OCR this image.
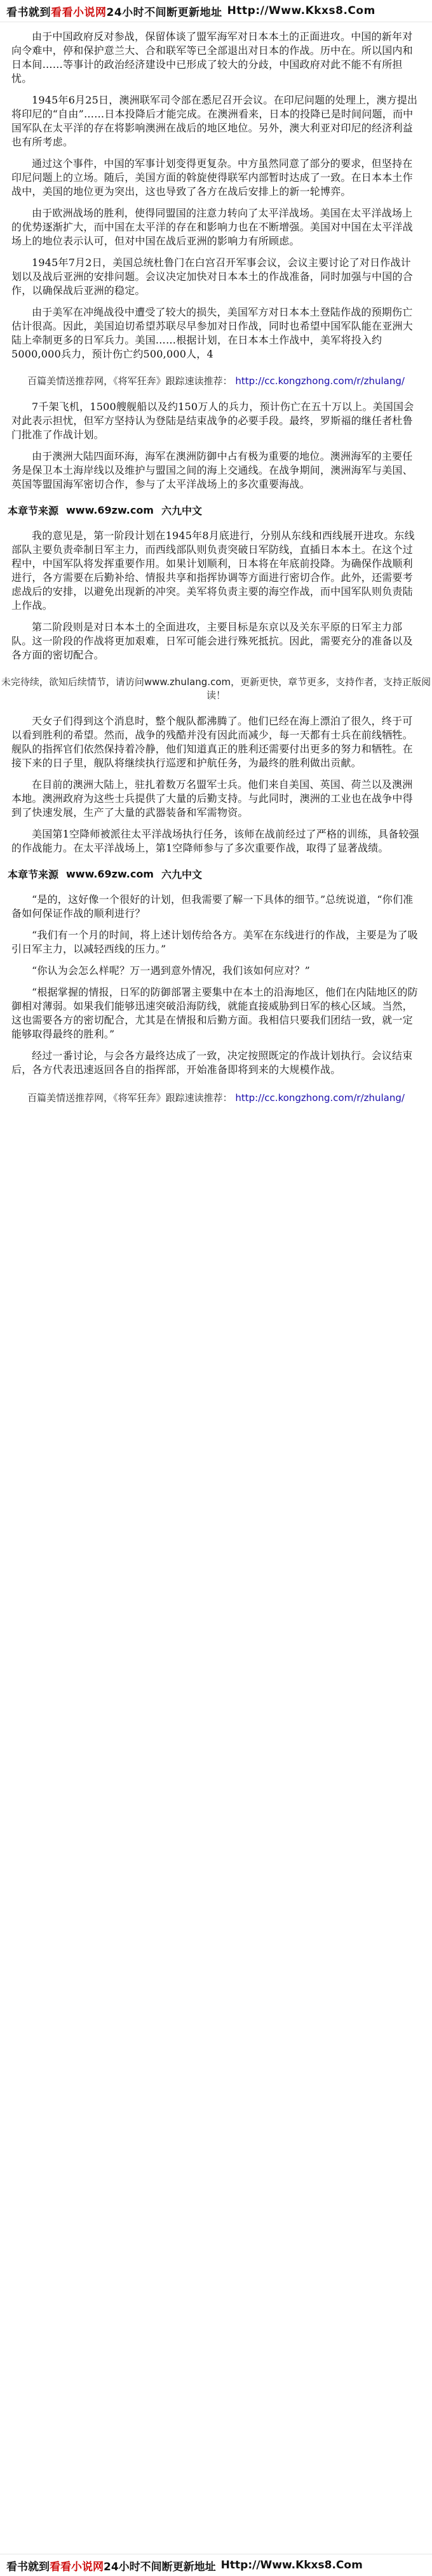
看书就到 看看小说网 24小时不间断更新地址 Http://Www.Kkxs8.Com

由于中国政府反对参战，保留体谈了盟军海军对日本本土的正面进攻。中国的新年对向令难中，停和保护意兰大、合和联军等已全部退出对日本的作战。历中在。所以国内和日本间……等事计的政治经济建设中已形成了较大的分歧，中国政府对此不能不有所担忧。

1945年6月25日，澳洲联军司令部在悉尼召开会议。在印尼问题的处理上，澳方提出将印尼的“自由”……日本投降后才能完成。在澳洲看来，日本的投降已是时间问题，而中国军队在太平洋的存在将影响澳洲在战后的地区地位。另外，澳大利亚对印尼的经济利益也有所考虑。

通过这个事件，中国的军事计划变得更复杂。中方虽然同意了部分的要求，但坚持在印尼问题上的立场。随后，美国方面的斡旋使得联军内部暂时达成了一致。在日本本土作战中，美国的地位更为突出，这也导致了各方在战后安排上的新一轮博弈。

由于欧洲战场的胜利，使得同盟国的注意力转向了太平洋战场。美国在太平洋战场上的优势逐渐扩大，而中国在太平洋的存在和影响力也在不断增强。美国对中国在太平洋战场上的地位表示认可，但对中国在战后亚洲的影响力有所顾虑。

1945年7月2日，美国总统杜鲁门在白宫召开军事会议，会议主要讨论了对日作战计划以及战后亚洲的安排问题。会议决定加快对日本本土的作战准备，同时加强与中国的合作，以确保战后亚洲的稳定。

由于美军在冲绳战役中遭受了较大的损失，美国军方对日本本土登陆作战的预期伤亡估计很高。因此，美国迫切希望苏联尽早参加对日作战，同时也希望中国军队能在亚洲大陆上牵制更多的日军兵力。美国……根据计划，在日本本土作战中，美军将投入约5000,000兵力，预计伤亡约500,000人，4

百篇美情送推荐网，《将军狂奔》跟踪速读推荐： http://cc.kongzhong.com/r/zhulang/

7千架飞机，1500艘舰船以及约150万人的兵力，预计伤亡在五十万以上。美国国会对此表示担忧，但军方坚持认为登陆是结束战争的必要手段。最终，罗斯福的继任者杜鲁门批准了作战计划。

由于澳洲大陆四面环海，海军在澳洲防御中占有极为重要的地位。澳洲海军的主要任务是保卫本土海岸线以及维护与盟国之间的海上交通线。在战争期间，澳洲海军与美国、英国等盟国海军密切合作，参与了太平洋战场上的多次重要海战。

本章节来源 www.69zw.com 六九中文

我的意见是，第一阶段计划在1945年8月底进行，分别从东线和西线展开进攻。东线部队主要负责牵制日军主力，而西线部队则负责突破日军防线，直插日本本土。在这个过程中，中国军队将发挥重要作用。如果计划顺利，日本将在年底前投降。为确保作战顺利进行，各方需要在后勤补给、情报共享和指挥协调等方面进行密切合作。此外，还需要考虑战后的安排，以避免出现新的冲突。美军将负责主要的海空作战，而中国军队则负责陆上作战。

第二阶段则是对日本本土的全面进攻，主要目标是东京以及关东平原的日军主力部队。这一阶段的作战将更加艰难，日军可能会进行殊死抵抗。因此，需要充分的准备以及各方面的密切配合。

未完待续，欲知后续情节，请访问www.zhulang.com，更新更快，章节更多，支持作者，支持正版阅读！

天女子们得到这个消息时，整个舰队都沸腾了。他们已经在海上漂泊了很久，终于可以看到胜利的希望。然而，战争的残酷并没有因此而减少，每一天都有士兵在前线牺牲。舰队的指挥官们依然保持着冷静，他们知道真正的胜利还需要付出更多的努力和牺牲。在接下来的日子里，舰队将继续执行巡逻和护航任务，为最终的胜利做出贡献。

在目前的澳洲大陆上，驻扎着数万名盟军士兵。他们来自美国、英国、荷兰以及澳洲本地。澳洲政府为这些士兵提供了大量的后勤支持。与此同时，澳洲的工业也在战争中得到了快速发展，生产了大量的武器装备和军需物资。

美国第1空降师被派往太平洋战场执行任务，该师在战前经过了严格的训练，具备较强的作战能力。在太平洋战场上，第1空降师参与了多次重要作战，取得了显著战绩。

本章节来源 www.69zw.com 六九中文

“是的，这好像一个很好的计划，但我需要了解一下具体的细节。”总统说道，“你们准备如何保证作战的顺利进行？

“我们有一个月的时间，将上述计划传给各方。美军在东线进行的作战，主要是为了吸引日军主力，以减轻西线的压力。”

“你认为会怎么样呢？万一遇到意外情况，我们该如何应对？”

“根据掌握的情报，日军的防御部署主要集中在本土的沿海地区，他们在内陆地区的防御相对薄弱。如果我们能够迅速突破沿海防线，就能直接威胁到日军的核心区域。当然，这也需要各方的密切配合，尤其是在情报和后勤方面。我相信只要我们团结一致，就一定能够取得最终的胜利。”

经过一番讨论，与会各方最终达成了一致，决定按照既定的作战计划执行。会议结束后，各方代表迅速返回各自的指挥部，开始准备即将到来的大规模作战。

百篇美情送推荐网，《将军狂奔》跟踪速读推荐： http://cc.kongzhong.com/r/zhulang/
看书就到 看看小说网 24小时不间断更新地址 Http://Www.Kkxs8.Com
